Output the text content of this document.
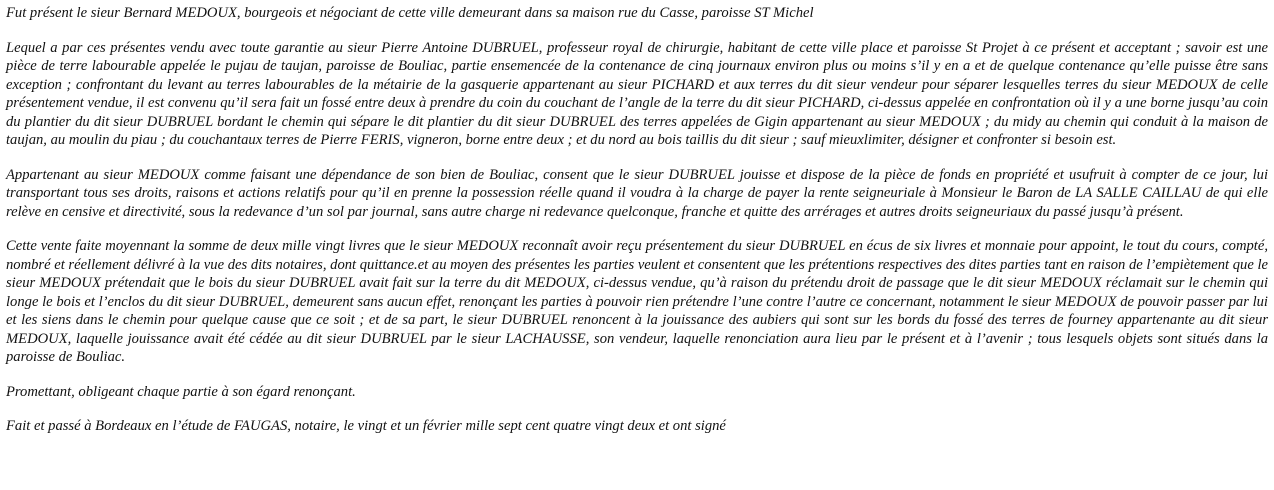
Fut présent le sieur Bernard MEDOUX, bourgeois et négociant de cette ville demeurant dans sa maison rue du Casse, paroisse ST Michel

Lequel a par ces présentes vendu avec toute garantie au sieur Pierre Antoine DUBRUEL, professeur royal de chirurgie, habitant de cette ville place et paroisse St Projet à ce présent et acceptant ; savoir est une pièce de terre labourable appelée le pujau de taujan, paroisse de Bouliac, partie ensemencée de la contenance de cinq journaux environ plus ou moins s’il y en a et de quelque contenance qu’elle puisse être sans exception ; confrontant du levant au terres labourables de la métairie de la gasquerie appartenant au sieur PICHARD et aux terres du dit sieur vendeur pour séparer lesquelles terres du sieur MEDOUX de celle présentement vendue, il est convenu qu’il sera fait un fossé entre deux à prendre du coin du couchant de l’angle de la terre du dit sieur PICHARD, ci-dessus appelée en confrontation où il y a une borne jusqu’au coin du plantier du dit sieur DUBRUEL bordant le chemin qui sépare le dit plantier du dit sieur DUBRUEL des terres appelées de Gigin appartenant au sieur MEDOUX ; du midy au chemin qui conduit à la maison de taujan, au moulin du piau ; du couchantaux terres de Pierre FERIS, vigneron, borne entre deux ; et du nord au bois taillis du dit sieur ; sauf mieuxlimiter, désigner et confronter si besoin est.

Appartenant au sieur MEDOUX comme faisant une dépendance de son bien de Bouliac, consent que le sieur DUBRUEL jouisse et dispose de la pièce de fonds en propriété et usufruit à compter de ce jour, lui transportant tous ses droits, raisons et actions relatifs pour qu’il en prenne la possession réelle quand il voudra à la charge de payer la rente seigneuriale à Monsieur le Baron de LA SALLE CAILLAU de qui elle relève en censive et directivité, sous la redevance d’un sol par journal, sans autre charge ni redevance quelconque, franche et quitte des arrérages et autres droits seigneuriaux du passé jusqu’à présent.

Cette vente faite moyennant la somme de deux mille vingt livres que le sieur MEDOUX reconnaît avoir reçu présentement du sieur DUBRUEL en écus de six livres et monnaie pour appoint, le tout du cours, compté, nombré et réellement délivré à la vue des dits notaires, dont quittance.et au moyen des présentes les parties veulent et consentent que les prétentions respectives des dites parties tant en raison de l’empiètement que le sieur MEDOUX prétendait que le bois du sieur DUBRUEL avait fait sur la terre du dit MEDOUX, ci-dessus vendue, qu’à raison du prétendu droit de passage que le dit sieur MEDOUX réclamait sur le chemin qui longe le bois et l’enclos du dit sieur DUBRUEL, demeurent sans aucun effet, renonçant les parties à pouvoir rien prétendre l’une contre l’autre ce concernant, notamment le sieur MEDOUX de pouvoir passer par lui et les siens dans le chemin pour quelque cause que ce soit ; et de sa part, le sieur DUBRUEL renoncent à la jouissance des aubiers qui sont sur les bords du fossé des terres de fourney appartenante au dit sieur MEDOUX, laquelle jouissance avait été cédée au dit sieur DUBRUEL par le sieur LACHAUSSE, son vendeur, laquelle renonciation aura lieu par le présent et à l’avenir ; tous lesquels objets sont situés dans la paroisse de Bouliac.

Promettant, obligeant chaque partie à son égard renonçant.

Fait et passé à Bordeaux en l’étude de FAUGAS, notaire, le vingt et un février mille sept cent quatre vingt deux et ont signé
